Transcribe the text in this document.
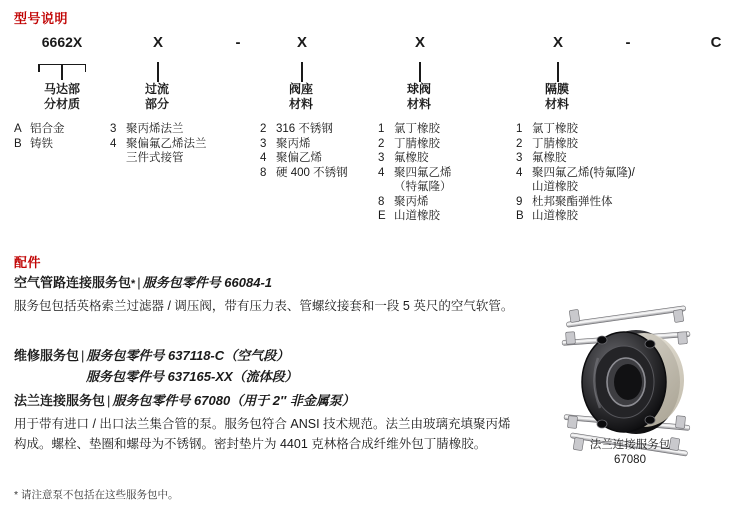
型号说明
6662X	X	-	X	X	X	-	C
马达部
分材质
过流
部分
阀座
材料
球阀
材料
隔膜
材料
A 铝合金
B 铸铁
3 聚丙烯法兰
4 聚偏氟乙烯法兰
三件式接管
2 316 不锈钢
3 聚丙烯
4 聚偏乙烯
8 硬 400 不锈钢
1 氯丁橡胶
2 丁腈橡胶
3 氟橡胶
4 聚四氟乙烯
（特氟隆）
8 聚丙烯
E 山道橡胶
1 氯丁橡胶
2 丁腈橡胶
3 氟橡胶
4 聚四氟乙烯(特氟隆)/
山道橡胶
9 杜邦聚酯弹性体
B 山道橡胶
配件
空气管路连接服务包* | 服务包零件号 66084-1
服务包包括英格索兰过滤器 / 调压阀，带有压力表、管螺纹接套和一段 5 英尺的空气软管。
维修服务包 | 服务包零件号 637118-C（空气段）
服务包零件号 637165-XX（流体段）
法兰连接服务包 | 服务包零件号 67080（用于 2″ 非金属泵）
用于带有进口 / 出口法兰集合管的泵。服务包符合 ANSI 技术规范。法兰由玻璃充填聚丙烯构成。螺栓、垫圈和螺母为不锈钢。密封垫片为 4401 克林格合成纤维外包丁腈橡胶。
* 请注意泵不包括在这些服务包中。
法兰连接服务包
67080
